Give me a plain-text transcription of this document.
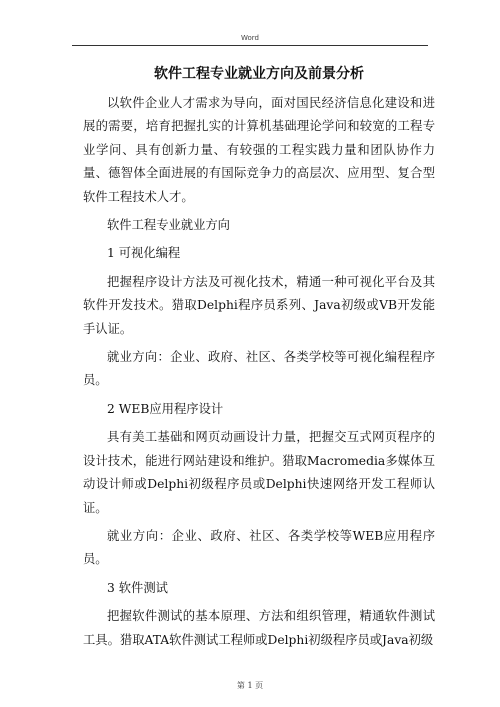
Word
软件工程专业就业方向及前景分析

以软件企业人才需求为导向，面对国民经济信息化建设和进展的需要，培育把握扎实的计算机基础理论学问和较宽的工程专业学问、具有创新力量、有较强的工程实践力量和团队协作力量、德智体全面进展的有国际竞争力的高层次、应用型、复合型软件工程技术人才。

软件工程专业就业方向

1 可视化编程

把握程序设计方法及可视化技术，精通一种可视化平台及其软件开发技术。猎取Delphi程序员系列、Java初级或VB开发能手认证。

就业方向：企业、政府、社区、各类学校等可视化编程程序员。

2 WEB应用程序设计

具有美工基础和网页动画设计力量，把握交互式网页程序的设计技术，能进行网站建设和维护。猎取Macromedia多媒体互动设计师或Delphi初级程序员或Delphi快速网络开发工程师认证。

就业方向：企业、政府、社区、各类学校等WEB应用程序员。

3 软件测试

把握软件测试的基本原理、方法和组织管理，精通软件测试工具。猎取ATA软件测试工程师或Delphi初级程序员或Java初级

第 1 页
